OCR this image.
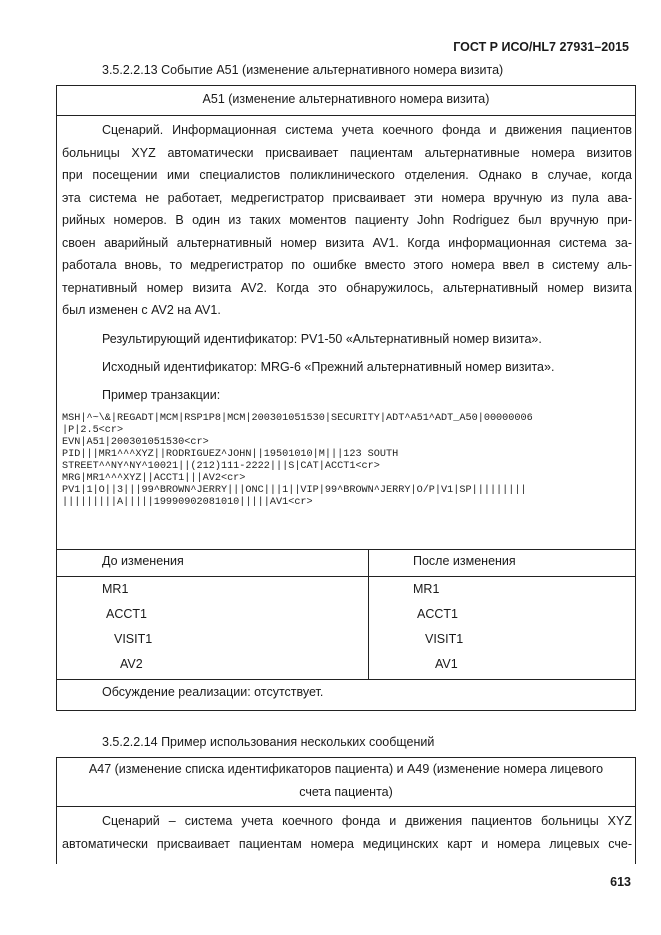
ГОСТ Р ИСО/HL7 27931–2015
3.5.2.2.13 Событие A51 (изменение альтернативного номера визита)
A51 (изменение альтернативного номера визита)
Сценарий. Информационная система учета коечного фонда и движения пациентов
больницы XYZ автоматически присваивает пациентам альтернативные номера визитов
при посещении ими специалистов поликлинического отделения. Однако в случае, когда
эта система не работает, медрегистратор присваивает эти номера вручную из пула ава-
рийных номеров. В один из таких моментов пациенту John Rodriguez был вручную при-
своен аварийный альтернативный номер визита AV1. Когда информационная система за-
работала вновь, то медрегистратор по ошибке вместо этого номера ввел в систему аль-
тернативный номер визита AV2. Когда это обнаружилось, альтернативный номер визита
был изменен с AV2 на AV1.
Результирующий идентификатор: PV1-50 «Альтернативный номер визита».
Исходный идентификатор: MRG-6 «Прежний альтернативный номер визита».
Пример транзакции:
MSH|^~\&|REGADT|MCM|RSP1P8|MCM|200301051530|SECURITY|ADT^A51^ADT_A50|00000006
|P|2.5<cr>
EVN|A51|200301051530<cr>
PID|||MR1^^^XYZ||RODRIGUEZ^JOHN||19501010|M|||123 SOUTH
STREET^^NY^NY^10021||(212)111-2222|||S|CAT|ACCT1<cr>
MRG|MR1^^^XYZ||ACCT1|||AV2<cr>
PV1|1|O||3|||99^BROWN^JERRY|||ONC|||1||VIP|99^BROWN^JERRY|O/P|V1|SP|||||||||
|||||||||A|||||19990902081010|||||AV1<cr>
До изменения	После изменения
MR1
ACCT1
VISIT1
AV2
MR1
ACCT1
VISIT1
AV1
Обсуждение реализации: отсутствует.
3.5.2.2.14 Пример использования нескольких сообщений
A47 (изменение списка идентификаторов пациента) и A49 (изменение номера лицевого
счета пациента)
Сценарий – система учета коечного фонда и движения пациентов больницы XYZ
автоматически присваивает пациентам номера медицинских карт и номера лицевых сче-
613
